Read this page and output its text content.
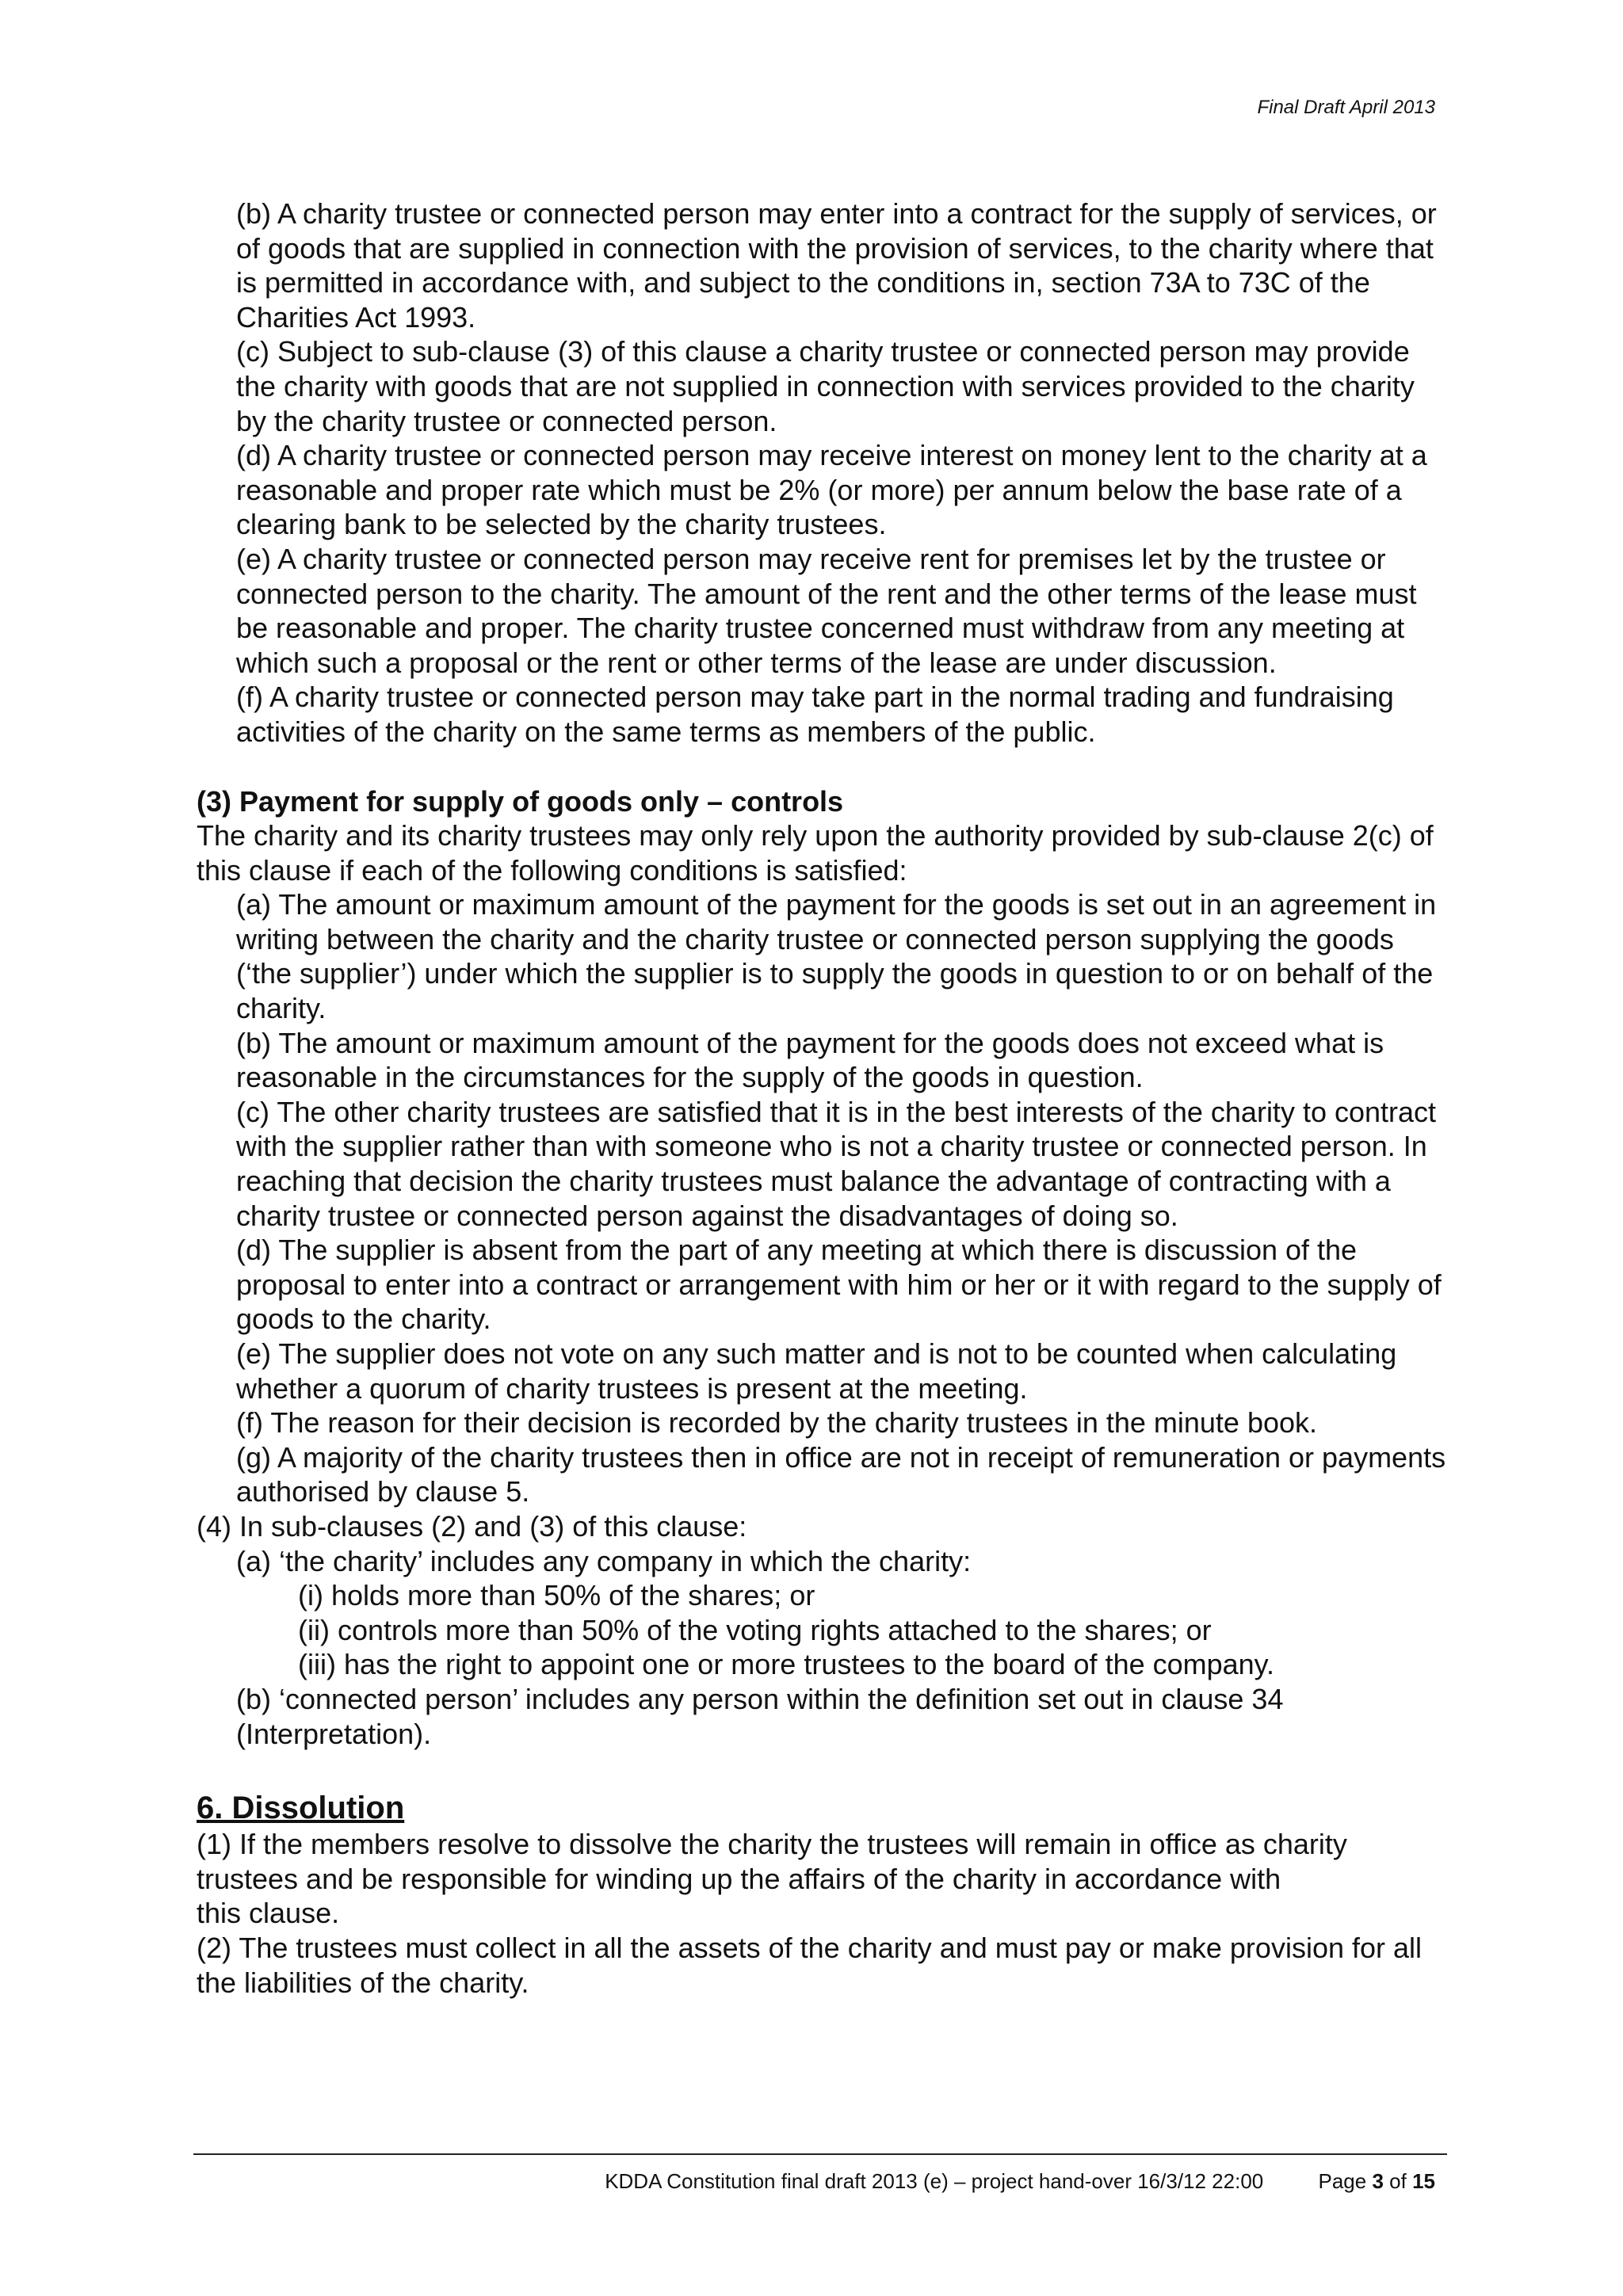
Final Draft April 2013

(b) A charity trustee or connected person may enter into a contract for the supply of services, or of goods that are supplied in connection with the provision of services, to the charity where that is permitted in accordance with, and subject to the conditions in, section 73A to 73C of the Charities Act 1993.

(c) Subject to sub-clause (3) of this clause a charity trustee or connected person may provide the charity with goods that are not supplied in connection with services provided to the charity by the charity trustee or connected person.

(d) A charity trustee or connected person may receive interest on money lent to the charity at a reasonable and proper rate which must be 2% (or more) per annum below the base rate of a clearing bank to be selected by the charity trustees.

(e) A charity trustee or connected person may receive rent for premises let by the trustee or connected person to the charity. The amount of the rent and the other terms of the lease must be reasonable and proper. The charity trustee concerned must withdraw from any meeting at which such a proposal or the rent or other terms of the lease are under discussion.

(f) A charity trustee or connected person may take part in the normal trading and fundraising activities of the charity on the same terms as members of the public.

(3) Payment for supply of goods only – controls

The charity and its charity trustees may only rely upon the authority provided by sub-clause 2(c) of this clause if each of the following conditions is satisfied:

(a) The amount or maximum amount of the payment for the goods is set out in an agreement in writing between the charity and the charity trustee or connected person supplying the goods (‘the supplier’) under which the supplier is to supply the goods in question to or on behalf of the charity.

(b) The amount or maximum amount of the payment for the goods does not exceed what is reasonable in the circumstances for the supply of the goods in question.

(c) The other charity trustees are satisfied that it is in the best interests of the charity to contract with the supplier rather than with someone who is not a charity trustee or connected person. In reaching that decision the charity trustees must balance the advantage of contracting with a charity trustee or connected person against the disadvantages of doing so.

(d) The supplier is absent from the part of any meeting at which there is discussion of the proposal to enter into a contract or arrangement with him or her or it with regard to the supply of goods to the charity.

(e) The supplier does not vote on any such matter and is not to be counted when calculating whether a quorum of charity trustees is present at the meeting.

(f) The reason for their decision is recorded by the charity trustees in the minute book.

(g) A majority of the charity trustees then in office are not in receipt of remuneration or payments authorised by clause 5.

(4) In sub-clauses (2) and (3) of this clause:

(a) ‘the charity’ includes any company in which the charity:

(i) holds more than 50% of the shares; or

(ii) controls more than 50% of the voting rights attached to the shares; or

(iii) has the right to appoint one or more trustees to the board of the company.

(b) ‘connected person’ includes any person within the definition set out in clause 34 (Interpretation).

6. Dissolution

(1) If the members resolve to dissolve the charity the trustees will remain in office as charity trustees and be responsible for winding up the affairs of the charity in accordance with
this clause.

(2) The trustees must collect in all the assets of the charity and must pay or make provision for all the liabilities of the charity.

KDDA Constitution final draft 2013 (e) – project hand-over 16/3/12 22:00	Page 3 of 15
